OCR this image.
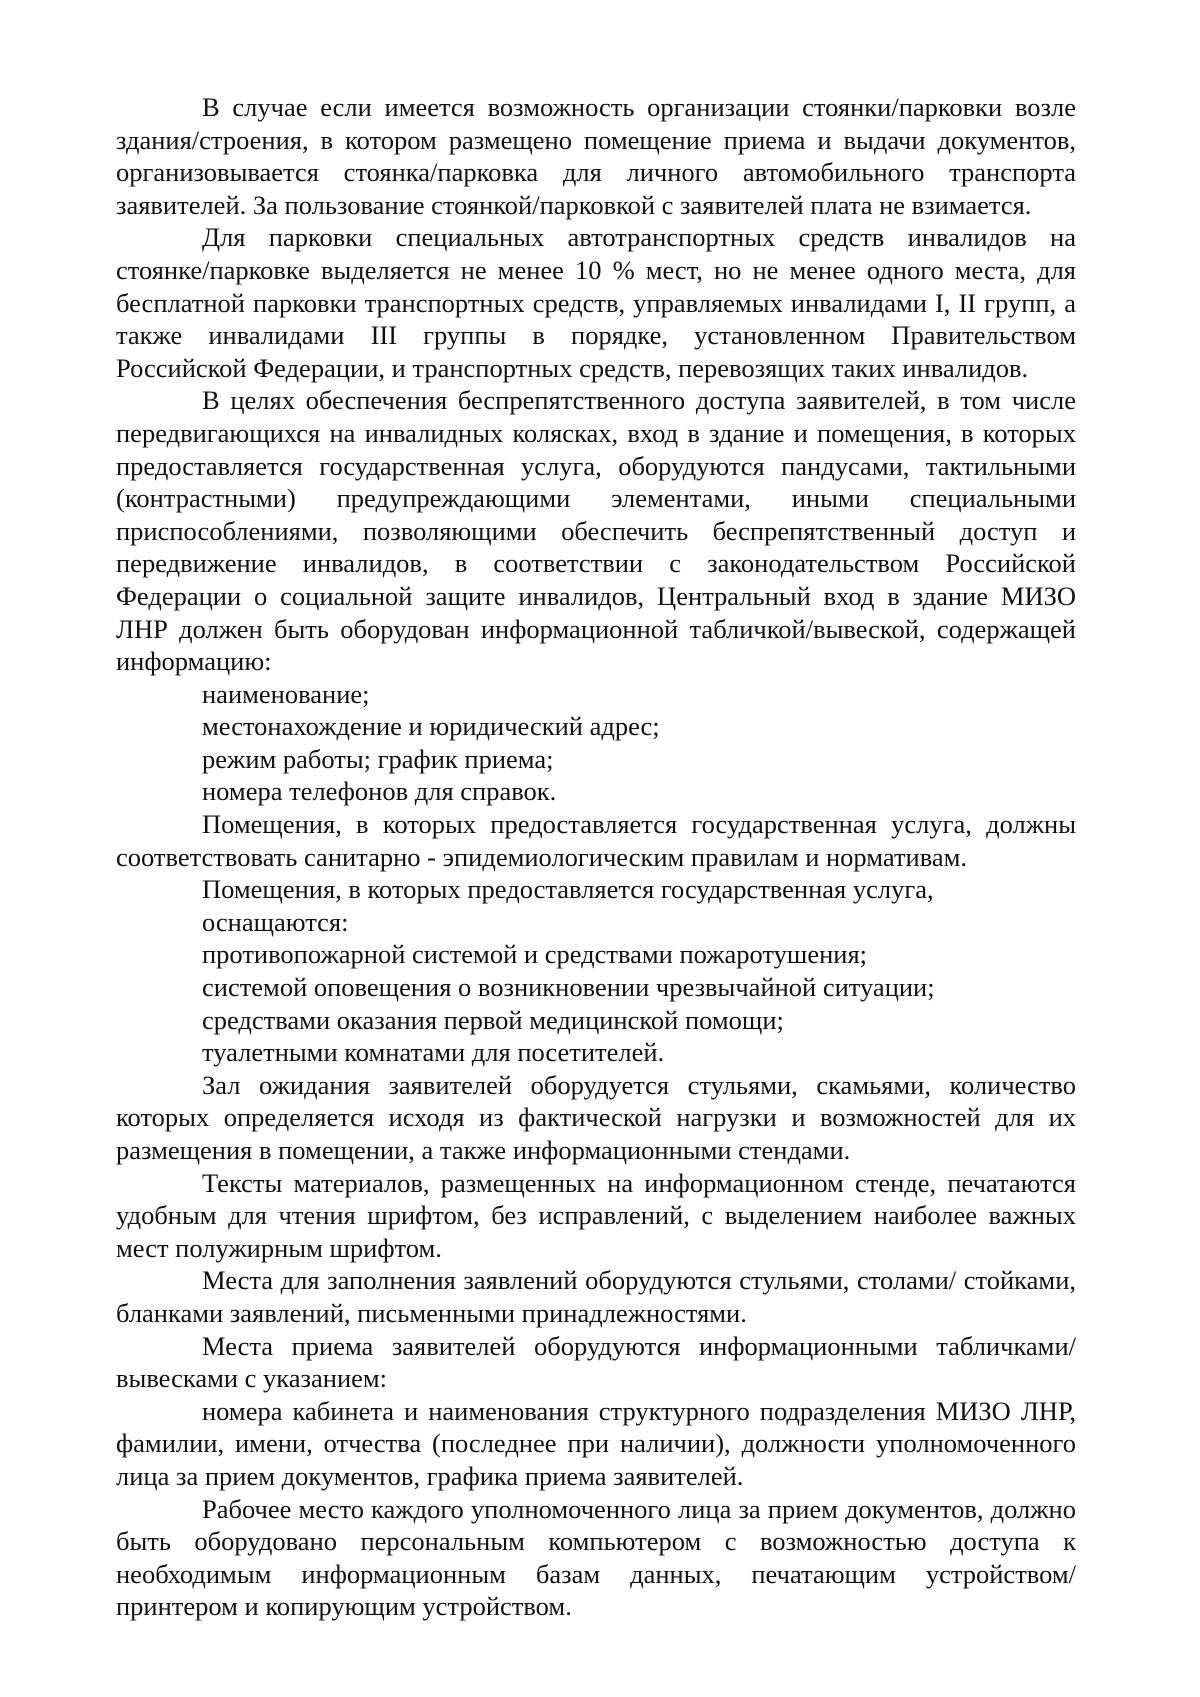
В случае если имеется возможность организации стоянки/парковки возле здания/строения, в котором размещено помещение приема и выдачи документов, организовывается стоянка/парковка для личного автомобильного транспорта заявителей. За пользование стоянкой/парковкой с заявителей плата не взимается.

Для парковки специальных автотранспортных средств инвалидов на стоянке/парковке выделяется не менее 10 % мест, но не менее одного места, для бесплатной парковки транспортных средств, управляемых инвалидами I, II групп, а также инвалидами III группы в порядке, установленном Правительством Российской Федерации, и транспортных средств, перевозящих таких инвалидов.

В целях обеспечения беспрепятственного доступа заявителей, в том числе передвигающихся на инвалидных колясках, вход в здание и помещения, в которых предоставляется государственная услуга, оборудуются пандусами, тактильными (контрастными) предупреждающими элементами, иными специальными приспособлениями, позволяющими обеспечить беспрепятственный доступ и передвижение инвалидов, в соответствии с законодательством Российской Федерации о социальной защите инвалидов, Центральный вход в здание МИЗО ЛНР должен быть оборудован информационной табличкой/вывеской, содержащей информацию:

наименование;

местонахождение и юридический адрес;

режим работы; график приема;

номера телефонов для справок.

Помещения, в которых предоставляется государственная услуга, должны соответствовать санитарно - эпидемиологическим правилам и нормативам.

Помещения, в которых предоставляется государственная услуга, оснащаются:

противопожарной системой и средствами пожаротушения;

системой оповещения о возникновении чрезвычайной ситуации;

средствами оказания первой медицинской помощи;

туалетными комнатами для посетителей.

Зал ожидания заявителей оборудуется стульями, скамьями, количество которых определяется исходя из фактической нагрузки и возможностей для их размещения в помещении, а также информационными стендами.

Тексты материалов, размещенных на информационном стенде, печатаются удобным для чтения шрифтом, без исправлений, с выделением наиболее важных мест полужирным шрифтом.

Места для заполнения заявлений оборудуются стульями, столами/ стойками, бланками заявлений, письменными принадлежностями.

Места приема заявителей оборудуются информационными табличками/ вывесками с указанием:

номера кабинета и наименования структурного подразделения МИЗО ЛНР, фамилии, имени, отчества (последнее при наличии), должности уполномоченного лица за прием документов, графика приема заявителей.

Рабочее место каждого уполномоченного лица за прием документов, должно быть оборудовано персональным компьютером с возможностью доступа к необходимым информационным базам данных, печатающим устройством/принтером и копирующим устройством.
